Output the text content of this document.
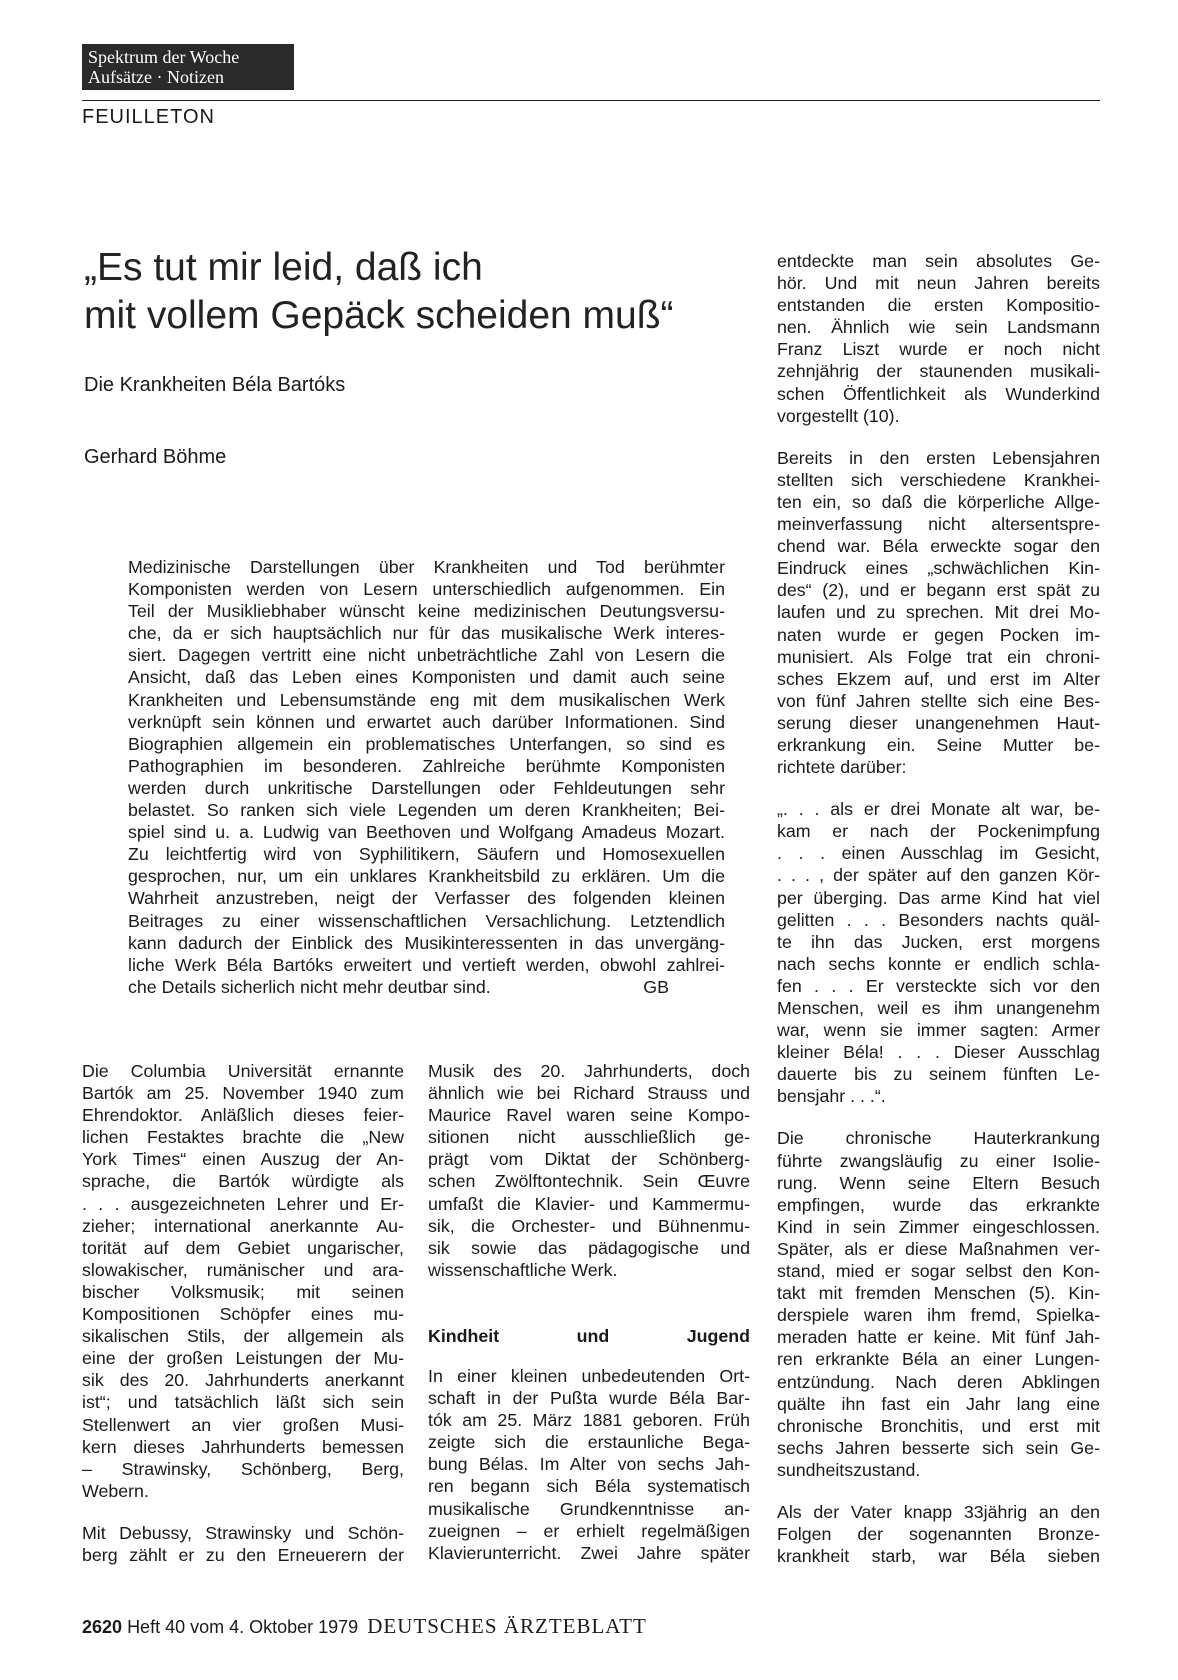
Spektrum der Woche
Aufsätze · Notizen
FEUILLETON
„Es tut mir leid, daß ich
mit vollem Gepäck scheiden muß“
Die Krankheiten Béla Bartóks
Gerhard Böhme
Medizinische Darstellungen über Krankheiten und Tod berühmter
Komponisten werden von Lesern unterschiedlich aufgenommen. Ein
Teil der Musikliebhaber wünscht keine medizinischen Deutungsversu-
che, da er sich hauptsächlich nur für das musikalische Werk interes-
siert. Dagegen vertritt eine nicht unbeträchtliche Zahl von Lesern die
Ansicht, daß das Leben eines Komponisten und damit auch seine
Krankheiten und Lebensumstände eng mit dem musikalischen Werk
verknüpft sein können und erwartet auch darüber Informationen. Sind
Biographien allgemein ein problematisches Unterfangen, so sind es
Pathographien im besonderen. Zahlreiche berühmte Komponisten
werden durch unkritische Darstellungen oder Fehldeutungen sehr
belastet. So ranken sich viele Legenden um deren Krankheiten; Bei-
spiel sind u. a. Ludwig van Beethoven und Wolfgang Amadeus Mozart.
Zu leichtfertig wird von Syphilitikern, Säufern und Homosexuellen
gesprochen, nur, um ein unklares Krankheitsbild zu erklären. Um die
Wahrheit anzustreben, neigt der Verfasser des folgenden kleinen
Beitrages zu einer wissenschaftlichen Versachlichung. Letztendlich
kann dadurch der Einblick des Musikinteressenten in das unvergäng-
liche Werk Béla Bartóks erweitert und vertieft werden, obwohl zahlrei-
che Details sicherlich nicht mehr deutbar sind.	GB
Die Columbia Universität ernannte
Bartók am 25. November 1940 zum
Ehrendoktor. Anläßlich dieses feier-
lichen Festaktes brachte die „New
York Times“ einen Auszug der An-
sprache, die Bartók würdigte als
. . . ausgezeichneten Lehrer und Er-
zieher; international anerkannte Au-
torität auf dem Gebiet ungarischer,
slowakischer, rumänischer und ara-
bischer Volksmusik; mit seinen
Kompositionen Schöpfer eines mu-
sikalischen Stils, der allgemein als
eine der großen Leistungen der Mu-
sik des 20. Jahrhunderts anerkannt
ist“; und tatsächlich läßt sich sein
Stellenwert an vier großen Musi-
kern dieses Jahrhunderts bemessen
– Strawinsky, Schönberg, Berg,
Webern.
Mit Debussy, Strawinsky und Schön-
berg zählt er zu den Erneuerern der
Musik des 20. Jahrhunderts, doch
ähnlich wie bei Richard Strauss und
Maurice Ravel waren seine Kompo-
sitionen nicht ausschließlich ge-
prägt vom Diktat der Schönberg-
schen Zwölftontechnik. Sein Œuvre
umfaßt die Klavier- und Kammermu-
sik, die Orchester- und Bühnenmu-
sik sowie das pädagogische und
wissenschaftliche Werk.
Kindheit und Jugend
In einer kleinen unbedeutenden Ort-
schaft in der Pußta wurde Béla Bar-
tók am 25. März 1881 geboren. Früh
zeigte sich die erstaunliche Bega-
bung Bélas. Im Alter von sechs Jah-
ren begann sich Béla systematisch
musikalische Grundkenntnisse an-
zueignen – er erhielt regelmäßigen
Klavierunterricht. Zwei Jahre später
entdeckte man sein absolutes Ge-
hör. Und mit neun Jahren bereits
entstanden die ersten Kompositio-
nen. Ähnlich wie sein Landsmann
Franz Liszt wurde er noch nicht
zehnjährig der staunenden musikali-
schen Öffentlichkeit als Wunderkind
vorgestellt (10).
Bereits in den ersten Lebensjahren
stellten sich verschiedene Krankhei-
ten ein, so daß die körperliche Allge-
meinverfassung nicht altersentspre-
chend war. Béla erweckte sogar den
Eindruck eines „schwächlichen Kin-
des“ (2), und er begann erst spät zu
laufen und zu sprechen. Mit drei Mo-
naten wurde er gegen Pocken im-
munisiert. Als Folge trat ein chroni-
sches Ekzem auf, und erst im Alter
von fünf Jahren stellte sich eine Bes-
serung dieser unangenehmen Haut-
erkrankung ein. Seine Mutter be-
richtete darüber:
„. . . als er drei Monate alt war, be-
kam er nach der Pockenimpfung
. . . einen Ausschlag im Gesicht,
. . . , der später auf den ganzen Kör-
per überging. Das arme Kind hat viel
gelitten . . . Besonders nachts quäl-
te ihn das Jucken, erst morgens
nach sechs konnte er endlich schla-
fen . . . Er versteckte sich vor den
Menschen, weil es ihm unangenehm
war, wenn sie immer sagten: Armer
kleiner Béla! . . . Dieser Ausschlag
dauerte bis zu seinem fünften Le-
bensjahr . . .“.
Die chronische Hauterkrankung
führte zwangsläufig zu einer Isolie-
rung. Wenn seine Eltern Besuch
empfingen, wurde das erkrankte
Kind in sein Zimmer eingeschlossen.
Später, als er diese Maßnahmen ver-
stand, mied er sogar selbst den Kon-
takt mit fremden Menschen (5). Kin-
derspiele waren ihm fremd, Spielka-
meraden hatte er keine. Mit fünf Jah-
ren erkrankte Béla an einer Lungen-
entzündung. Nach deren Abklingen
quälte ihn fast ein Jahr lang eine
chronische Bronchitis, und erst mit
sechs Jahren besserte sich sein Ge-
sundheitszustand.
Als der Vater knapp 33jährig an den
Folgen der sogenannten Bronze-
krankheit starb, war Béla sieben
2620 Heft 40 vom 4. Oktober 1979 DEUTSCHES ÄRZTEBLATT
